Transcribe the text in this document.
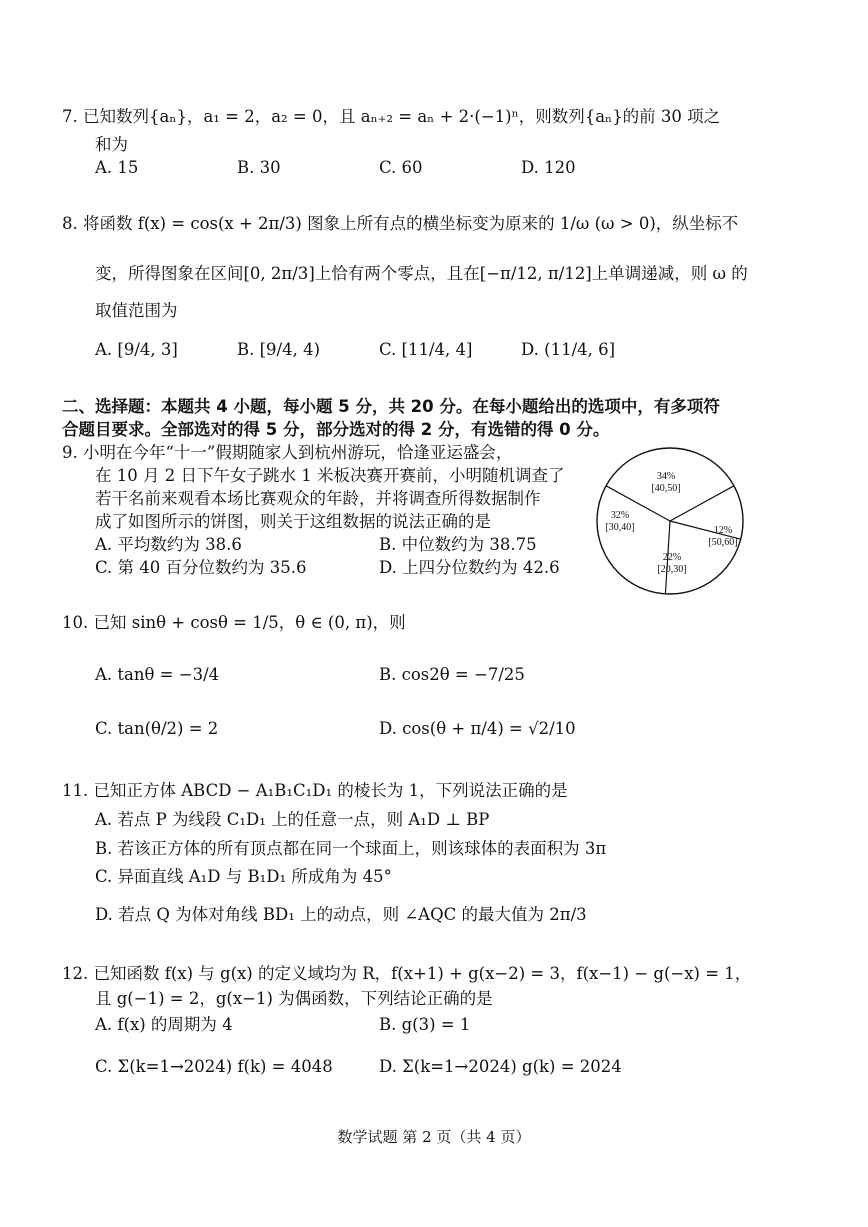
7. 已知数列{aₙ}，a₁ = 2，a₂ = 0，且 aₙ₊₂ = aₙ + 2·(−1)ⁿ，则数列{aₙ}的前 30 项之
和为
A. 15	B. 30	C. 60	D. 120
8. 将函数 f(x) = cos(x + 2π/3) 图象上所有点的横坐标变为原来的 1/ω (ω > 0)，纵坐标不
变，所得图象在区间[0, 2π/3]上恰有两个零点，且在[−π/12, π/12]上单调递减，则 ω 的
取值范围为
A. [9/4, 3]	B. [9/4, 4)	C. [11/4, 4]	D. (11/4, 6]
二、选择题：本题共 4 小题，每小题 5 分，共 20 分。在每小题给出的选项中，有多项符
合题目要求。全部选对的得 5 分，部分选对的得 2 分，有选错的得 0 分。
9. 小明在今年“十一”假期随家人到杭州游玩，恰逢亚运盛会，
在 10 月 2 日下午女子跳水 1 米板决赛开赛前，小明随机调查了
若干名前来观看本场比赛观众的年龄，并将调查所得数据制作
成了如图所示的饼图，则关于这组数据的说法正确的是
A. 平均数约为 38.6	B. 中位数约为 38.75
C. 第 40 百分位数约为 35.6	D. 上四分位数约为 42.6
34%
[40,50]
12%
[50,60]
22%
[20,30]
32%
[30,40]
10. 已知 sinθ + cosθ = 1/5，θ ∈ (0, π)，则
A. tanθ = −3/4	B. cos2θ = −7/25
C. tan(θ/2) = 2	D. cos(θ + π/4) = √2/10
11. 已知正方体 ABCD − A₁B₁C₁D₁ 的棱长为 1，下列说法正确的是
A. 若点 P 为线段 C₁D₁ 上的任意一点，则 A₁D ⊥ BP
B. 若该正方体的所有顶点都在同一个球面上，则该球体的表面积为 3π
C. 异面直线 A₁D 与 B₁D₁ 所成角为 45°
D. 若点 Q 为体对角线 BD₁ 上的动点，则 ∠AQC 的最大值为 2π/3
12. 已知函数 f(x) 与 g(x) 的定义域均为 R，f(x+1) + g(x−2) = 3，f(x−1) − g(−x) = 1，
且 g(−1) = 2，g(x−1) 为偶函数，下列结论正确的是
A. f(x) 的周期为 4	B. g(3) = 1
C. Σ(k=1→2024) f(k) = 4048	D. Σ(k=1→2024) g(k) = 2024
数学试题 第 2 页（共 4 页）
